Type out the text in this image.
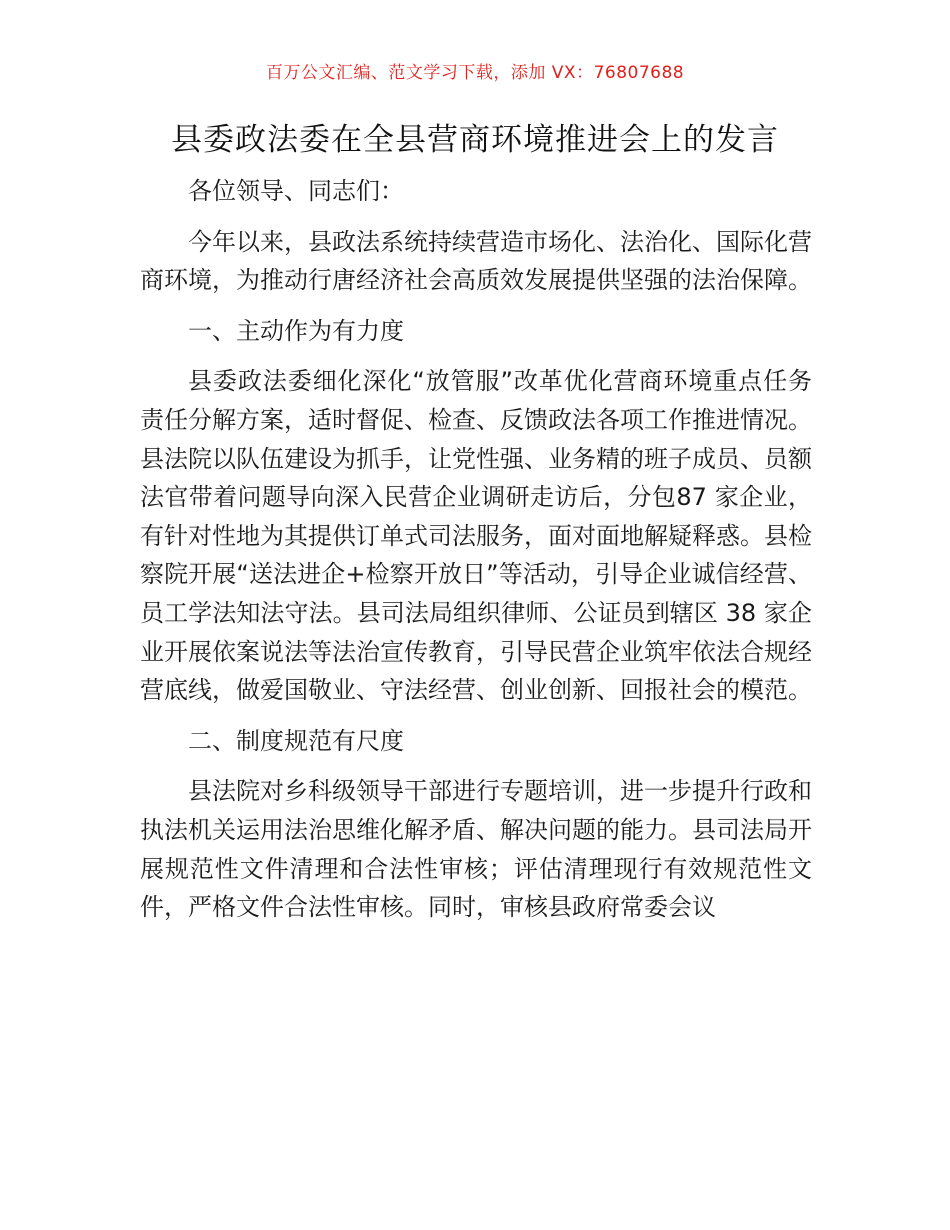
百万公文汇编、范文学习下载，添加 VX：76807688
县委政法委在全县营商环境推进会上的发言

各位领导、同志们：

今年以来，县政法系统持续营造市场化、法治化、国际化营商环境，为推动行唐经济社会高质效发展提供坚强的法治保障。

一、主动作为有力度

县委政法委细化深化“放管服”改革优化营商环境重点任务责任分解方案，适时督促、检查、反馈政法各项工作推进情况。县法院以队伍建设为抓手，让党性强、业务精的班子成员、员额法官带着问题导向深入民营企业调研走访后，分包87 家企业，有针对性地为其提供订单式司法服务，面对面地解疑释惑。县检察院开展“送法进企+检察开放日”等活动，引导企业诚信经营、员工学法知法守法。县司法局组织律师、公证员到辖区 38 家企业开展依案说法等法治宣传教育，引导民营企业筑牢依法合规经营底线，做爱国敬业、守法经营、创业创新、回报社会的模范。

二、制度规范有尺度

县法院对乡科级领导干部进行专题培训，进一步提升行政和执法机关运用法治思维化解矛盾、解决问题的能力。县司法局开展规范性文件清理和合法性审核；评估清理现行有效规范性文件，严格文件合法性审核。同时，审核县政府常委会议
